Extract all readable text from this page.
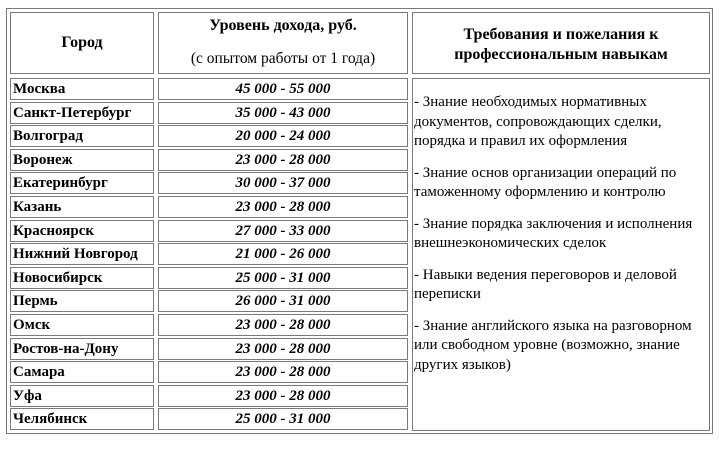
Город
Уровень дохода, руб.
(с опытом работы от 1 года)
Требования и пожелания к профессиональным навыкам
Москва	45 000 - 55 000
Санкт-Петербург	35 000 - 43 000
Волгоград	20 000 - 24 000
Воронеж	23 000 - 28 000
Екатеринбург	30 000 - 37 000
Казань	23 000 - 28 000
Красноярск	27 000 - 33 000
Нижний Новгород	21 000 - 26 000
Новосибирск	25 000 - 31 000
Пермь	26 000 - 31 000
Омск	23 000 - 28 000
Ростов-на-Дону	23 000 - 28 000
Самара	23 000 - 28 000
Уфа	23 000 - 28 000
Челябинск	25 000 - 31 000
- Знание необходимых нормативных документов, сопровождающих сделки, порядка и правил их оформления
- Знание основ организации операций по таможенному оформлению и контролю
- Знание порядка заключения и исполнения внешнеэкономических сделок
- Навыки ведения переговоров и деловой переписки
- Знание английского языка на разговорном или свободном уровне (возможно, знание других языков)
